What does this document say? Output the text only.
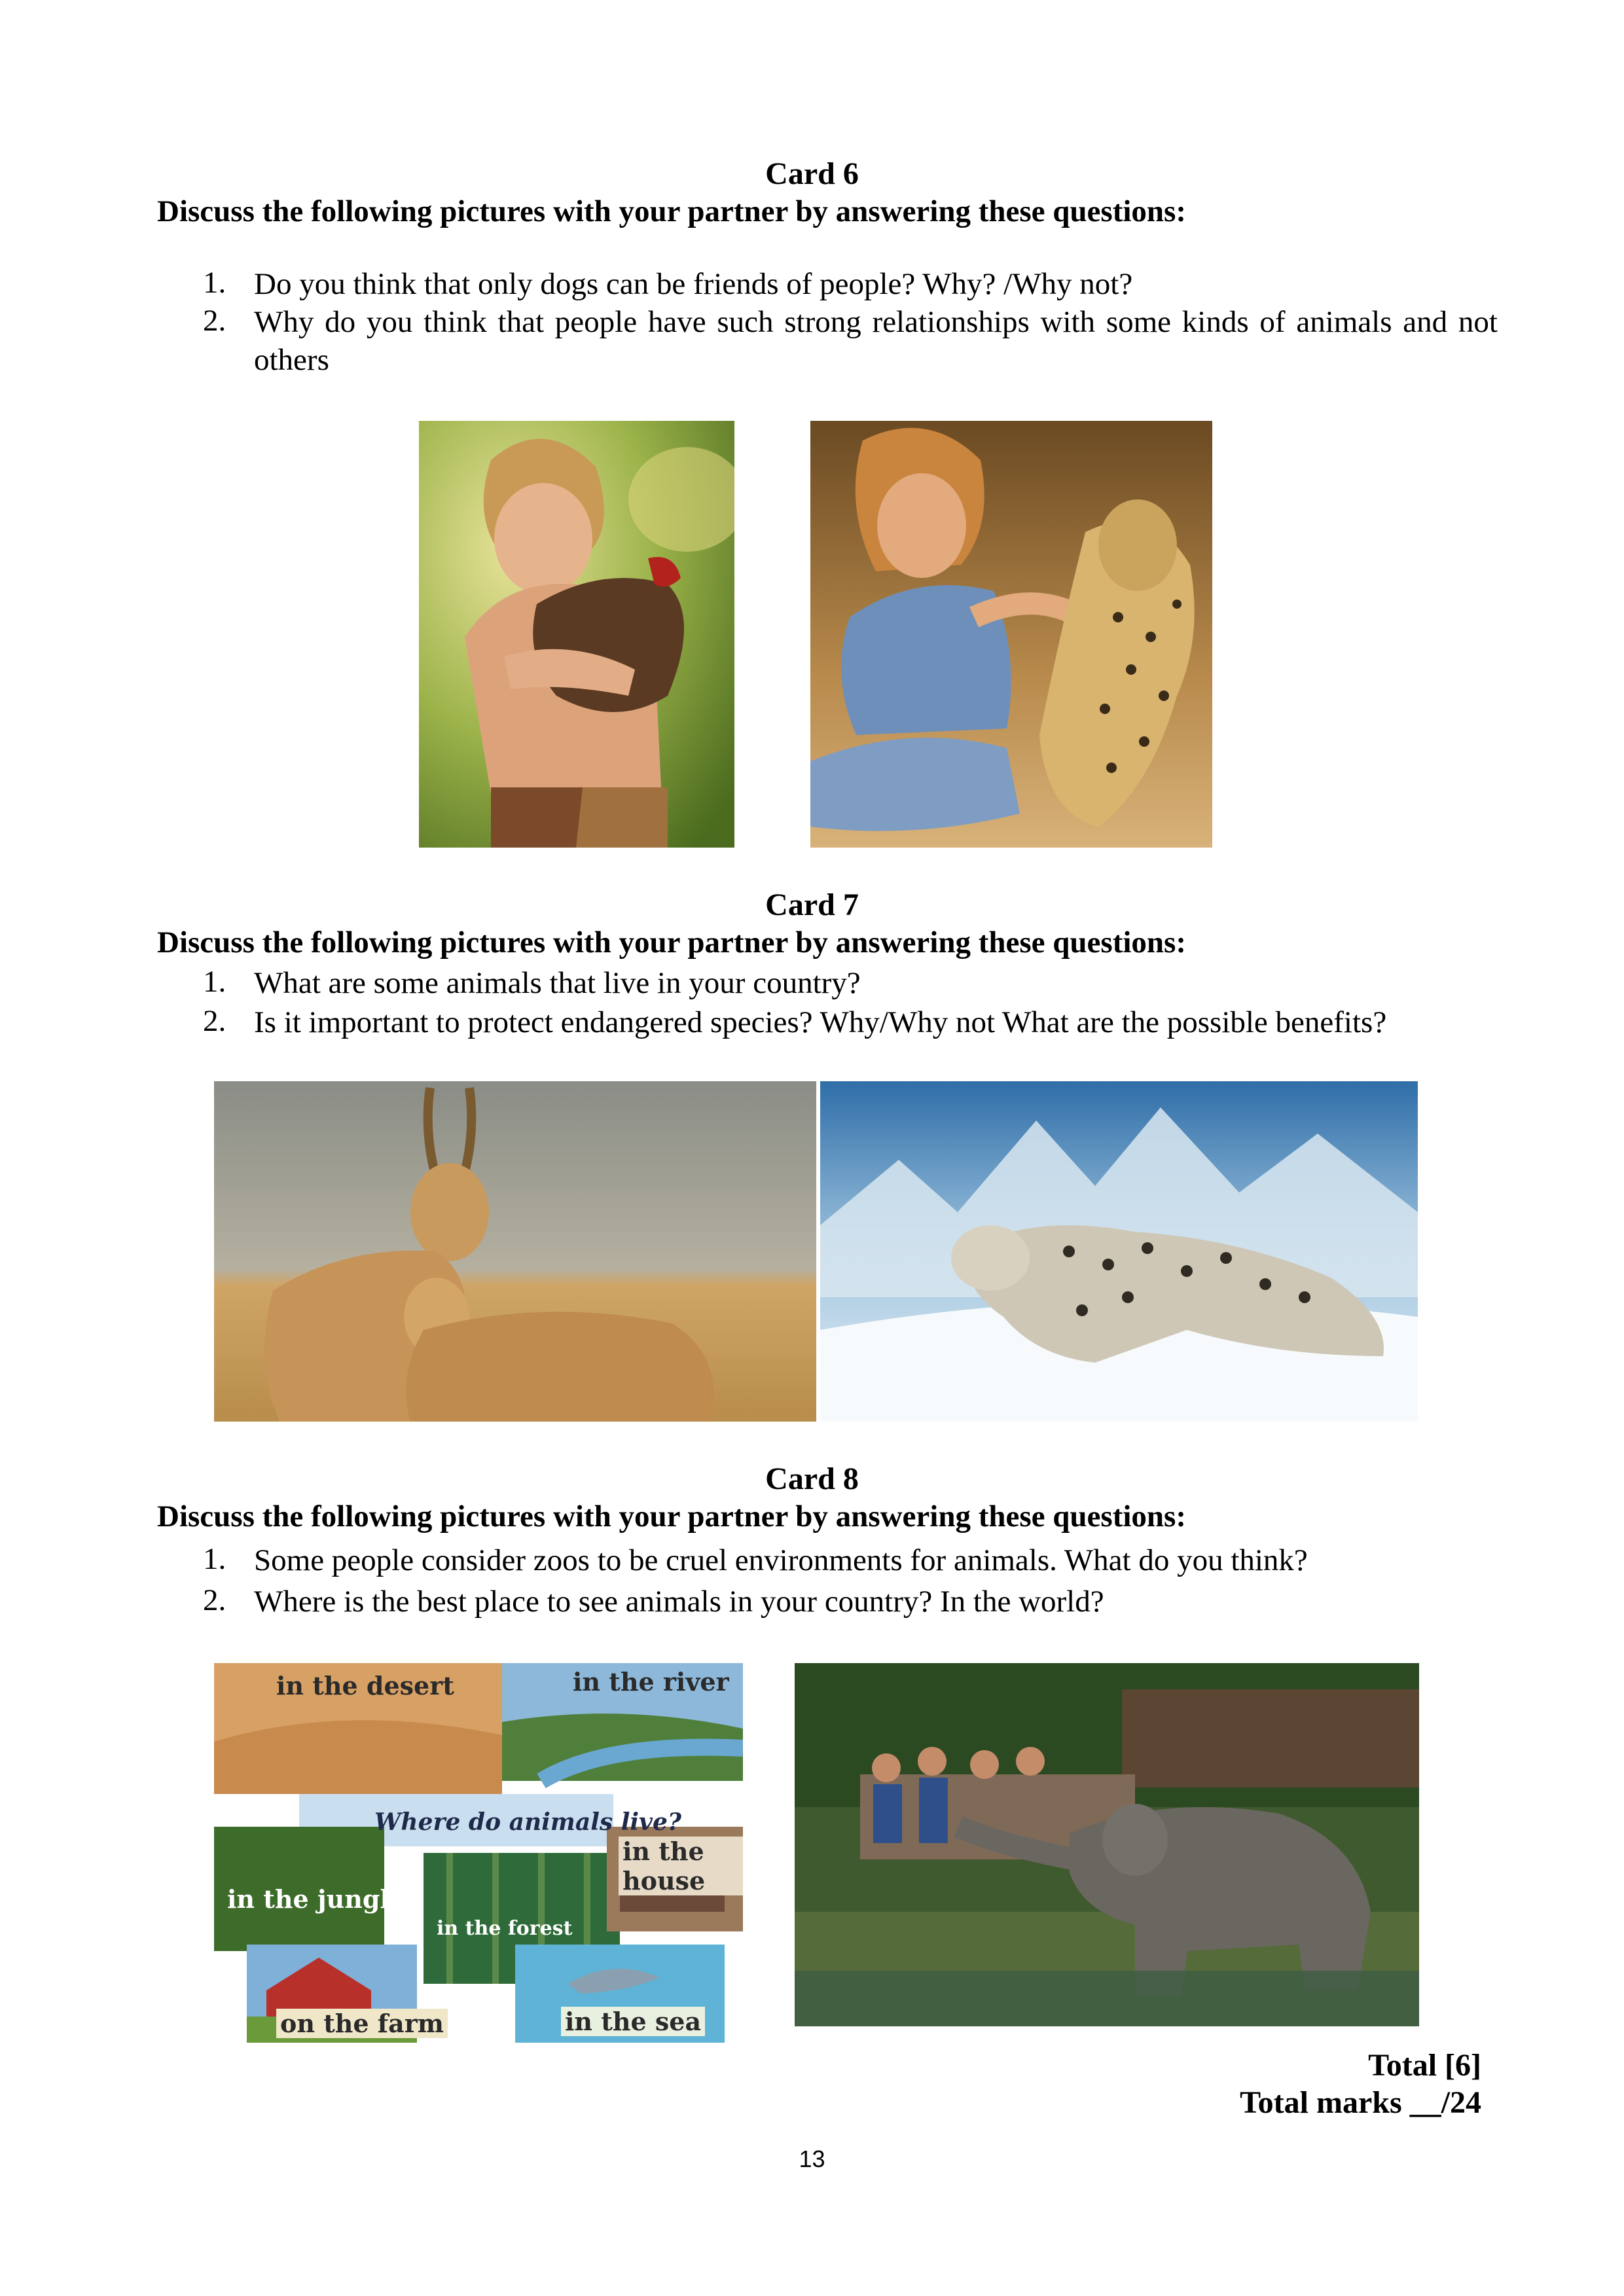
Card 6
Discuss the following pictures with your partner by answering these questions:
1. Do you think that only dogs can be friends of people? Why? /Why not?
2. Why do you think that people have such strong relationships with some kinds of animals and not others
Card 7
Discuss the following pictures with your partner by answering these questions:
1. What are some animals that live in your country?
2. Is it important to protect endangered species? Why/Why not What are the possible benefits?
Card 8
Discuss the following pictures with your partner by answering these questions:
1. Some people consider zoos to be cruel environments for animals. What do you think?
2. Where is the best place to see animals in your country? In the world?
in the desert	in the river
Where do animals live?
in the house
in the jungle
in the forest
on the farm	in the sea
Total [6]
Total marks __/24
13
